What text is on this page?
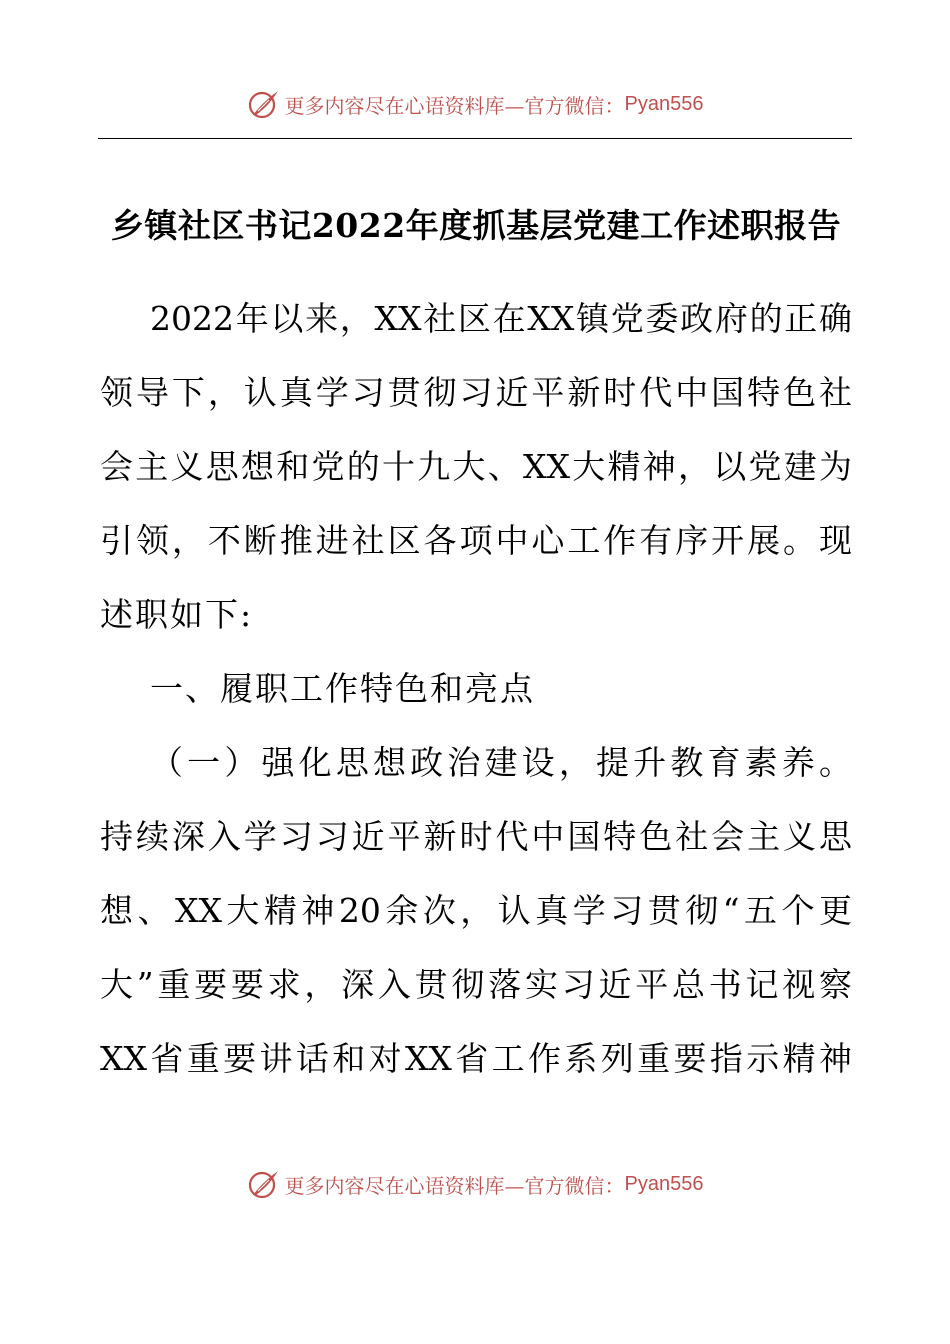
更多内容尽在心语资料库—官方微信： Pyan556
乡镇社区书记2022年度抓基层党建工作述职报告
2022年以来，XX社区在XX镇党委政府的正确
领导下，认真学习贯彻习近平新时代中国特色社
会主义思想和党的十九大、XX大精神，以党建为
引领，不断推进社区各项中心工作有序开展。现
述职如下:
一、履职工作特色和亮点
（一）强化思想政治建设，提升教育素养。
持续深入学习习近平新时代中国特色社会主义思
想、XX大精神20余次，认真学习贯彻“五个更
大”重要要求，深入贯彻落实习近平总书记视察
XX省重要讲话和对XX省工作系列重要指示精神
更多内容尽在心语资料库—官方微信： Pyan556
